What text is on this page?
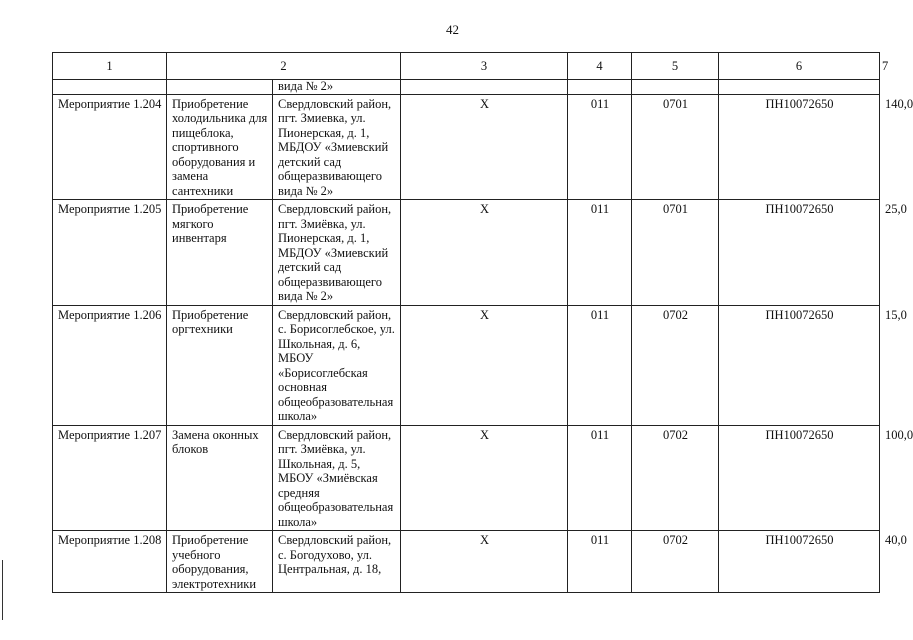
42
1	2		3	4	5	6	7
		вида № 2»					
Мероприятие 1.204	Приобретение холодильника для пищеблока, спортивного оборудования и замена сантехники	Свердловский район, пгт. Змиевка, ул. Пионерская, д. 1, МБДОУ «Змиевский детский сад общеразвивающего вида № 2»	X	011	0701	ПН10072650	140,0
Мероприятие 1.205	Приобретение мягкого инвентаря	Свердловский район, пгт. Змиёвка, ул. Пионерская, д. 1, МБДОУ «Змиевский детский сад общеразвивающего вида № 2»	X	011	0701	ПН10072650	25,0
Мероприятие 1.206	Приобретение оргтехники	Свердловский район, с. Борисоглебское, ул. Школьная, д. 6, МБОУ «Борисоглебская основная общеобразовательная школа»	X	011	0702	ПН10072650	15,0
Мероприятие 1.207	Замена оконных блоков	Свердловский район, пгт. Змиёвка, ул. Школьная, д. 5, МБОУ «Змиёвская средняя общеобразовательная школа»	X	011	0702	ПН10072650	100,0
Мероприятие 1.208	Приобретение учебного оборудования, электротехники	Свердловский район, с. Богодухово, ул. Центральная, д. 18,	X	011	0702	ПН10072650	40,0
